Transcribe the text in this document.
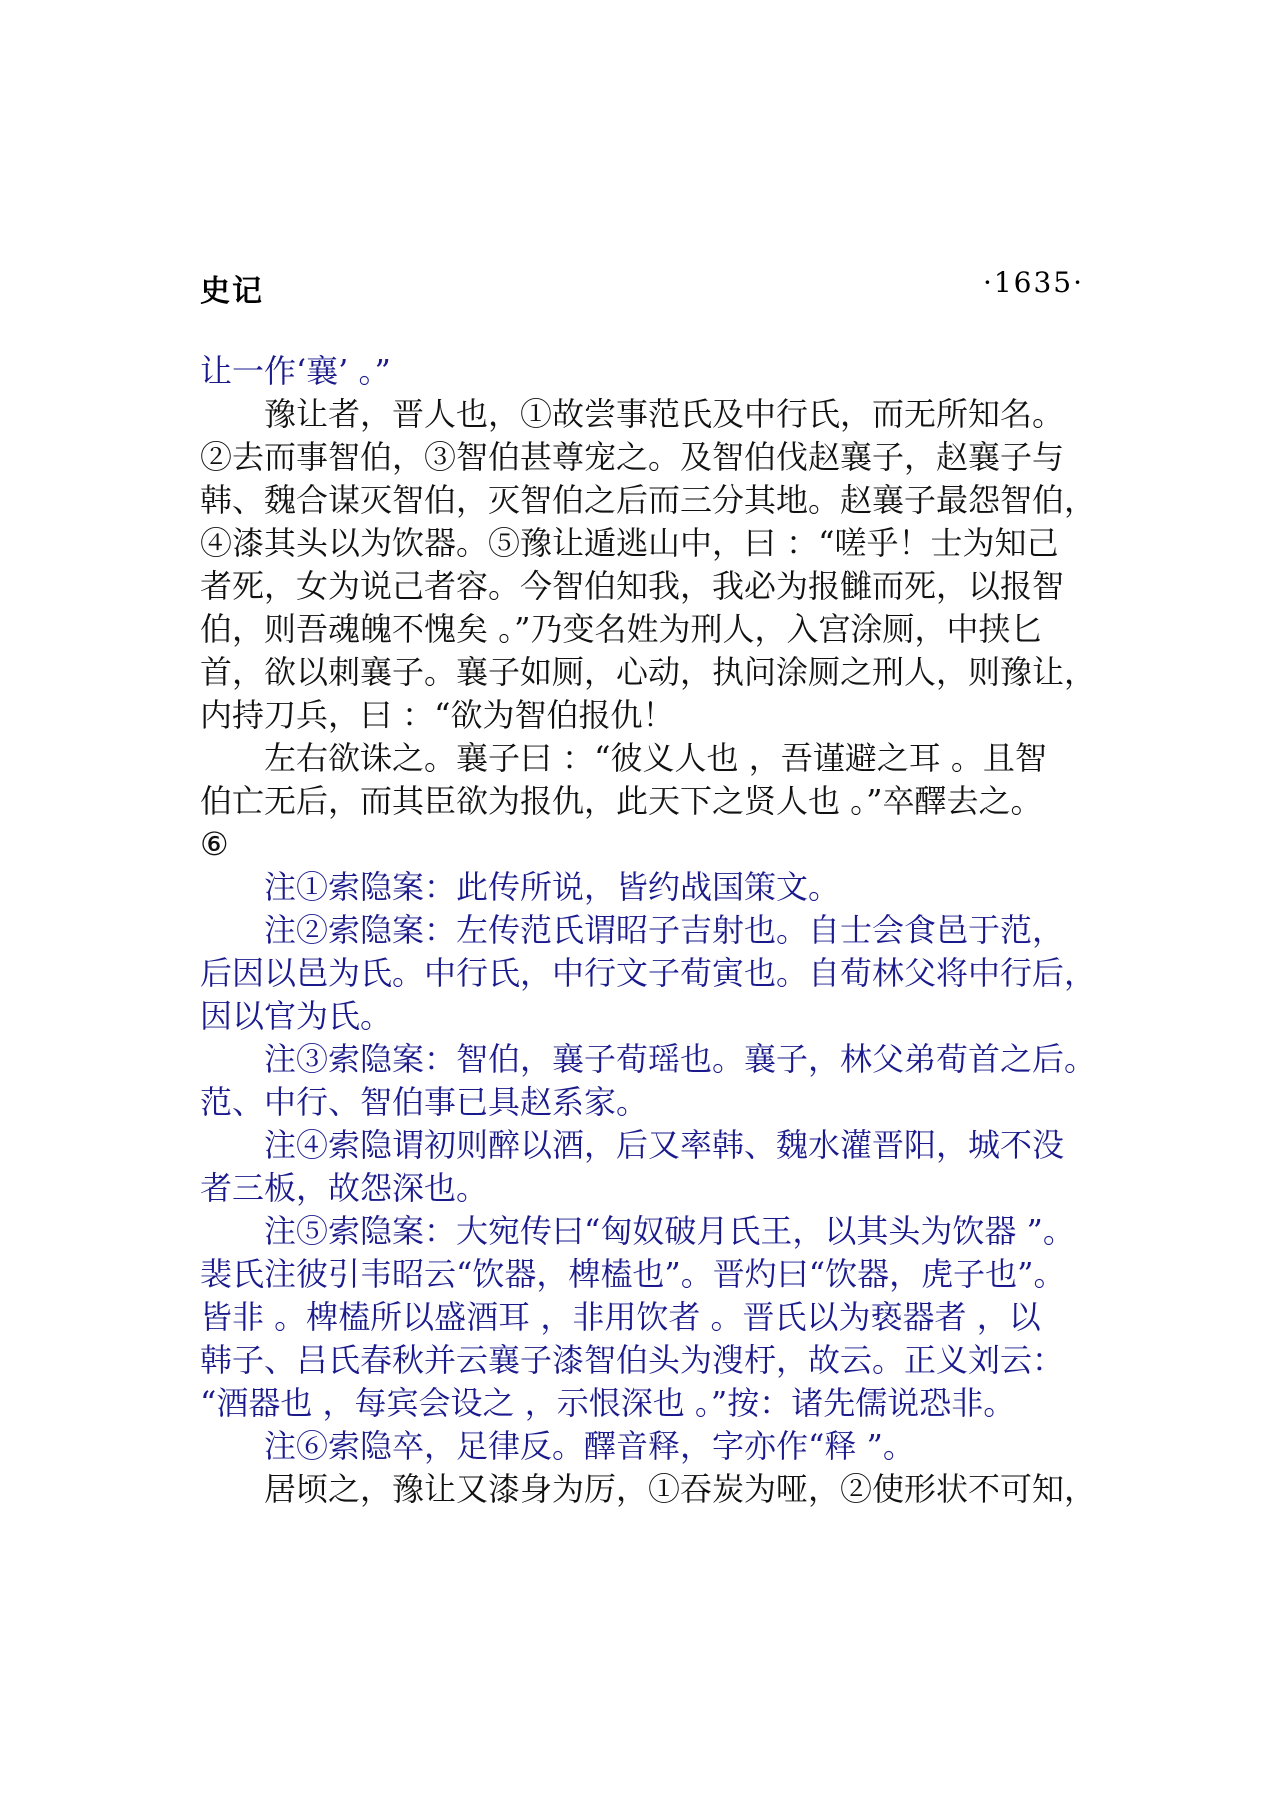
史记	·1635·
让一作‘襄’ 。”
豫让者，晋人也，①故尝事范氏及中行氏，而无所知名。
②去而事智伯，③智伯甚尊宠之。及智伯伐赵襄子，赵襄子与
韩、魏合谋灭智伯，灭智伯之后而三分其地。赵襄子最怨智伯，
④漆其头以为饮器。⑤豫让遁逃山中，曰 ：“嗟乎！士为知己
者死，女为说己者容。今智伯知我，我必为报雠而死，以报智
伯，则吾魂魄不愧矣 。”乃变名姓为刑人，入宫涂厕，中挟匕
首，欲以刺襄子。襄子如厕，心动，执问涂厕之刑人，则豫让，
内持刀兵，曰 ：“欲为智伯报仇！
左右欲诛之。襄子曰 ：“彼义人也 ，吾谨避之耳 。且智
伯亡无后，而其臣欲为报仇，此天下之贤人也 。”卒醳去之。
⑥
注①索隐案：此传所说，皆约战国策文。
注②索隐案：左传范氏谓昭子吉射也。自士会食邑于范，
后因以邑为氏。中行氏，中行文子荀寅也。自荀林父将中行后，
因以官为氏。
注③索隐案：智伯，襄子荀瑶也。襄子，林父弟荀首之后。
范、中行、智伯事已具赵系家。
注④索隐谓初则醉以酒，后又率韩、魏水灌晋阳，城不没
者三板，故怨深也。
注⑤索隐案：大宛传曰“匈奴破月氏王，以其头为饮器 ”。
裴氏注彼引韦昭云“饮器，椑榼也”。晋灼曰“饮器，虎子也”。
皆非 。椑榼所以盛酒耳 ，非用饮者 。晋氏以为亵器者 ，以
韩子、吕氏春秋并云襄子漆智伯头为溲杅，故云。正义刘云：
“酒器也 ，每宾会设之 ，示恨深也 。”按：诸先儒说恐非。
注⑥索隐卒，足律反。醳音释，字亦作“释 ”。
居顷之，豫让又漆身为厉，①吞炭为哑，②使形状不可知，
